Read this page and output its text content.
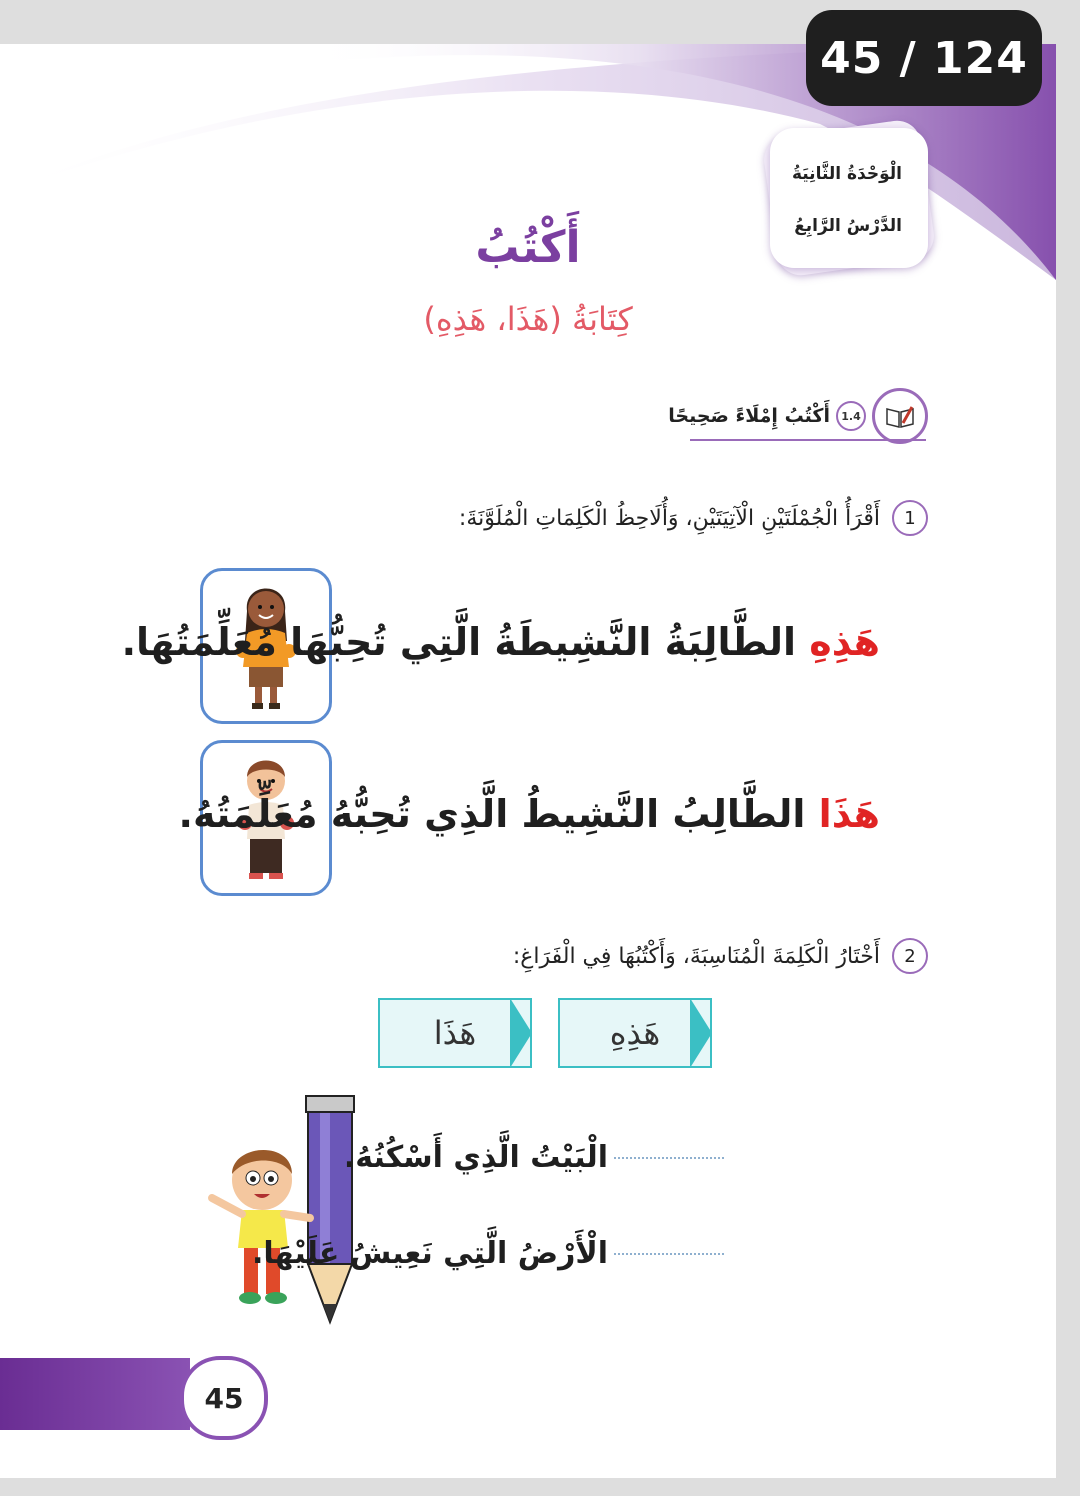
الْوَحْدَةُ الثَّانِيَةُ
الدَّرْسُ الرَّابِعُ
أَكْتُبُ
كِتَابَةُ (هَذَا، هَذِهِ)
1.4
أَكْتُبُ إِمْلَاءً صَحِيحًا
1
أَقْرَأُ الْجُمْلَتَيْنِ الْآتِيَتَيْنِ، وَأُلَاحِظُ الْكَلِمَاتِ الْمُلَوَّنَةَ:
هَذِهِ الطَّالِبَةُ النَّشِيطَةُ الَّتِي تُحِبُّهَا مُعَلِّمَتُهَا.
هَذَا الطَّالِبُ النَّشِيطُ الَّذِي تُحِبُّهُ مُعَلِّمَتُهُ.
2
أَخْتَارُ الْكَلِمَةَ الْمُنَاسِبَةَ، وَأَكْتُبُهَا فِي الْفَرَاغِ:
هَذِهِ
هَذَا
الْبَيْتُ الَّذِي أَسْكُنُهُ.
الْأَرْضُ الَّتِي نَعِيشُ عَلَيْهَا.
45
45 / 124
